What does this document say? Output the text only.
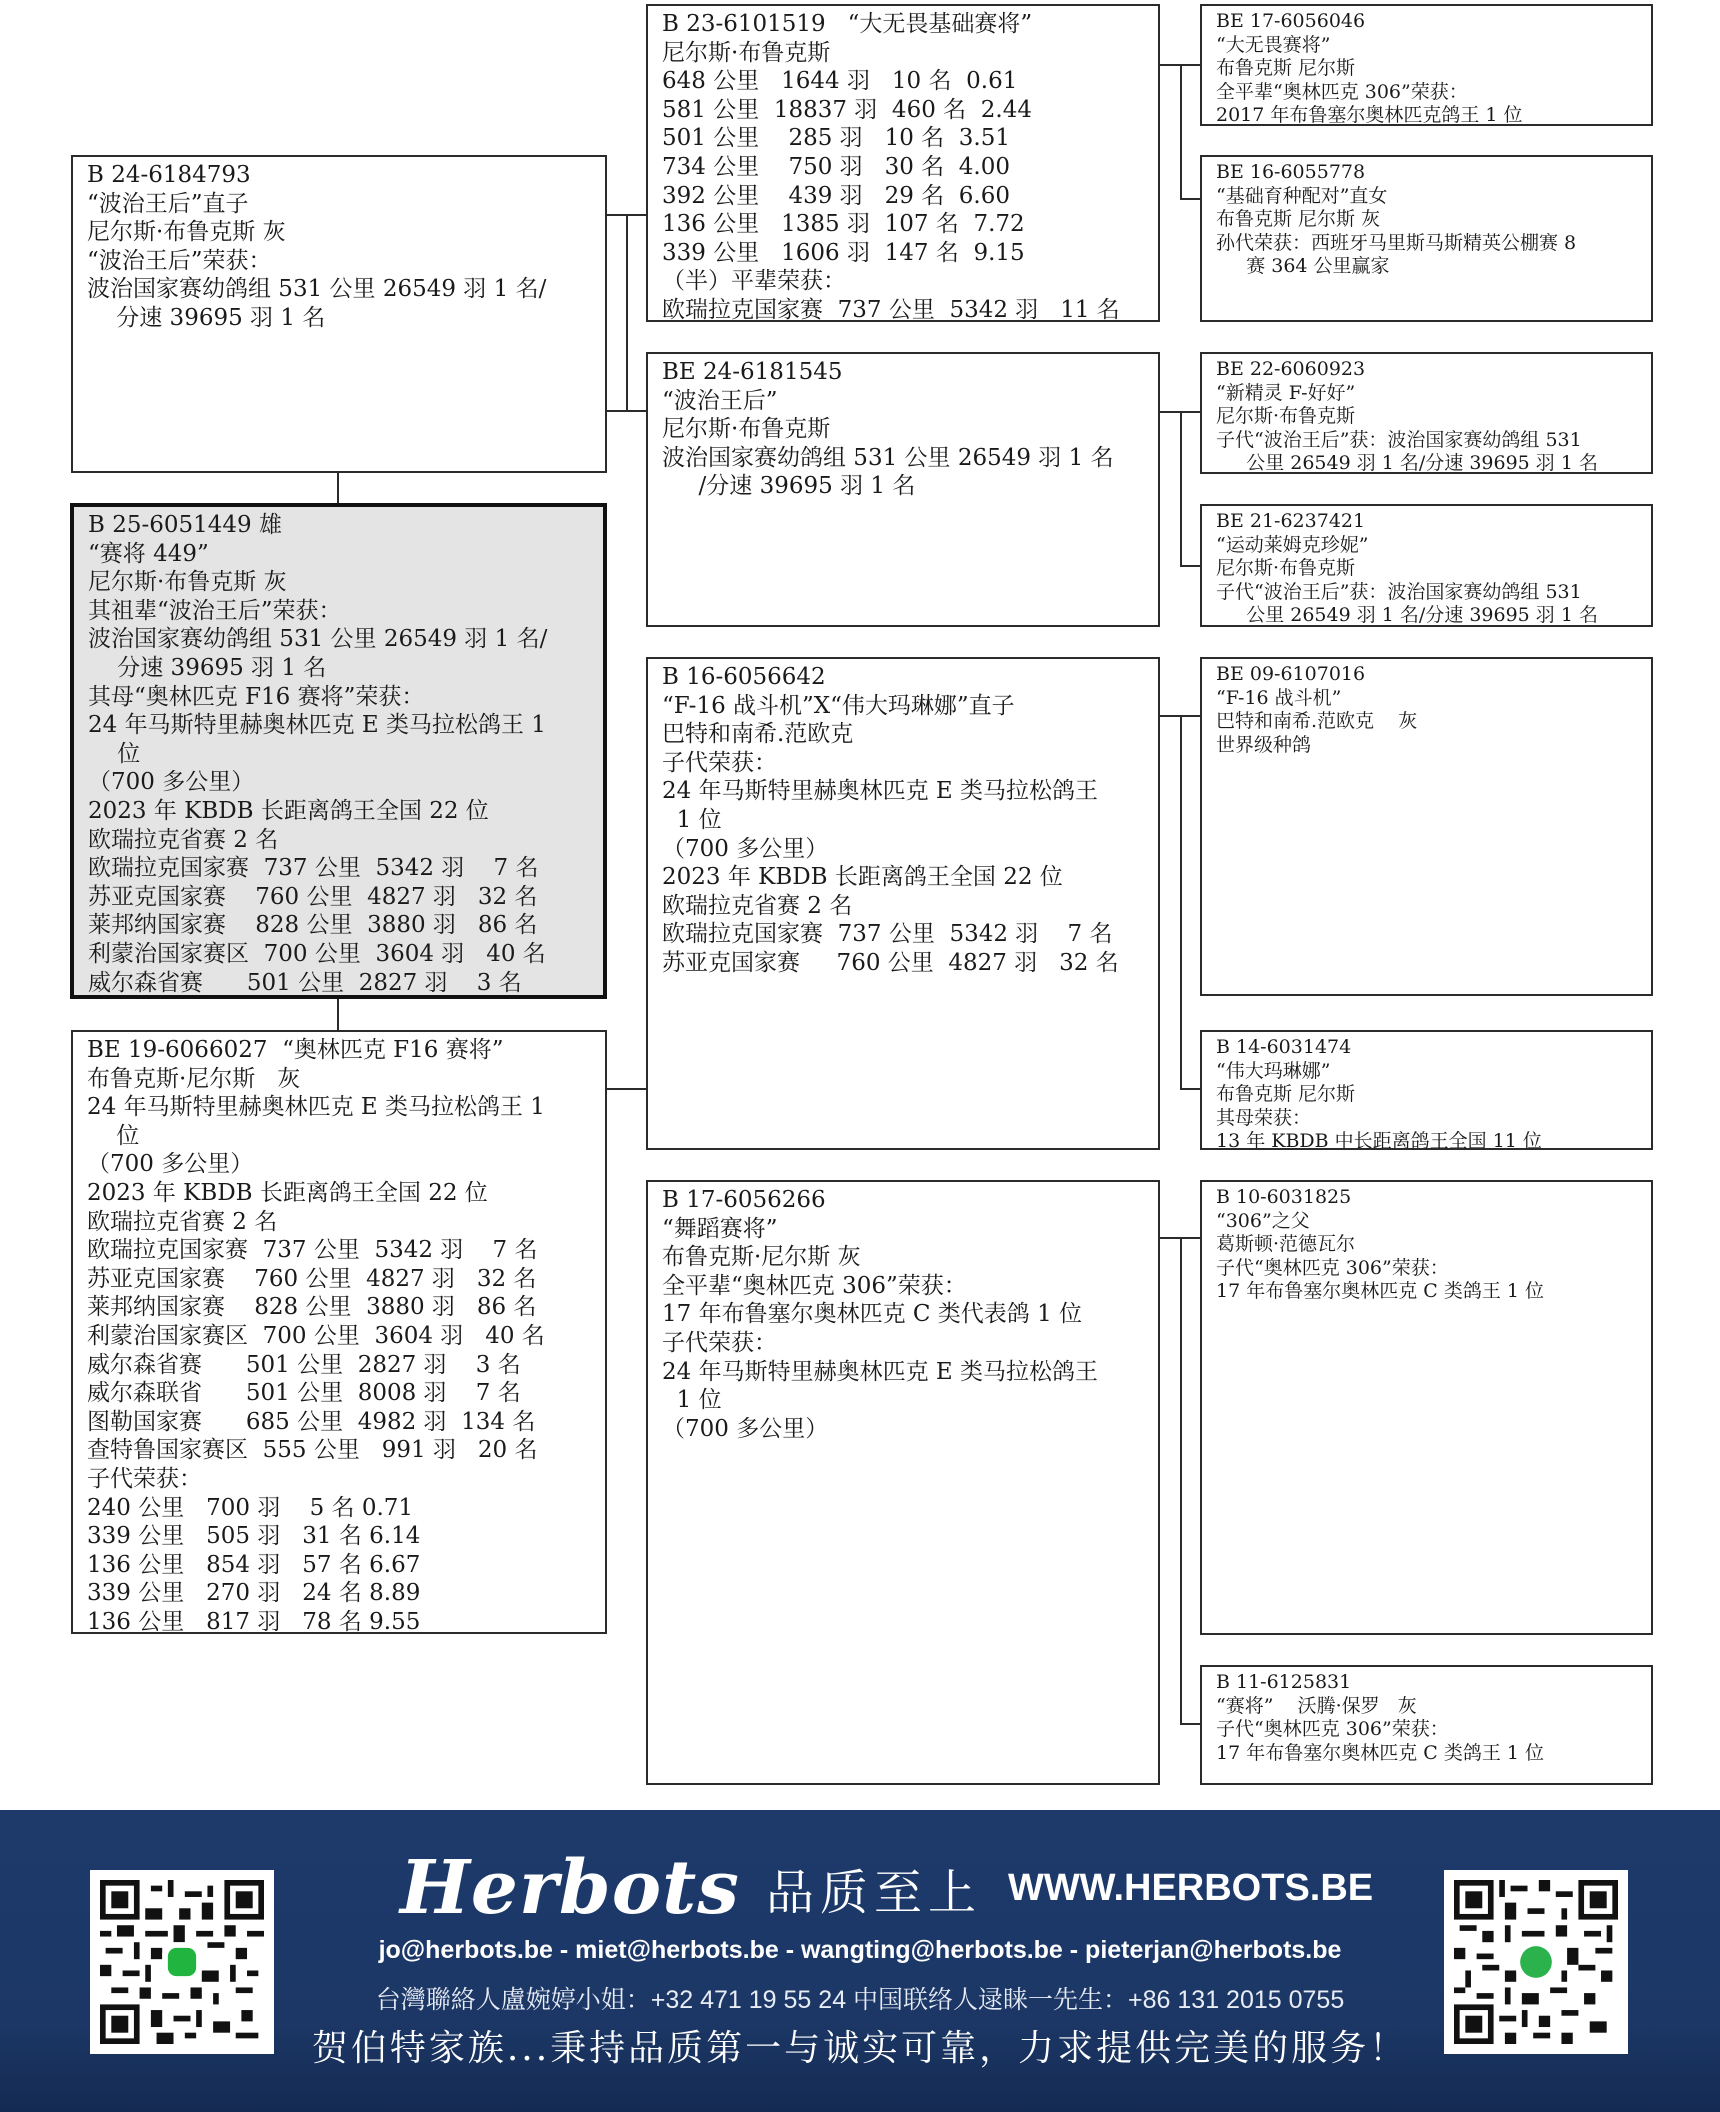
B 25-6051449 雄
“赛将 449”
尼尔斯·布鲁克斯 灰
其祖辈“波治王后”荣获：
波治国家赛幼鸽组 531 公里 26549 羽 1 名/
分速 39695 羽 1 名
其母“奥林匹克 F16 赛将”荣获：
24 年马斯特里赫奥林匹克 E 类马拉松鸽王 1
位
（700 多公里）
2023 年 KBDB 长距离鸽王全国 22 位
欧瑞拉克省赛 2 名
欧瑞拉克国家赛  737 公里  5342 羽    7 名
苏亚克国家赛    760 公里  4827 羽   32 名
莱邦纳国家赛    828 公里  3880 羽   86 名
利蒙治国家赛区  700 公里  3604 羽   40 名
威尔森省赛      501 公里  2827 羽    3 名
B 24-6184793
“波治王后”直子
尼尔斯·布鲁克斯 灰
“波治王后”荣获：
波治国家赛幼鸽组 531 公里 26549 羽 1 名/
分速 39695 羽 1 名
BE 19-6066027  “奥林匹克 F16 赛将”
布鲁克斯·尼尔斯   灰
24 年马斯特里赫奥林匹克 E 类马拉松鸽王 1
位
（700 多公里）
2023 年 KBDB 长距离鸽王全国 22 位
欧瑞拉克省赛 2 名
欧瑞拉克国家赛  737 公里  5342 羽    7 名
苏亚克国家赛    760 公里  4827 羽   32 名
莱邦纳国家赛    828 公里  3880 羽   86 名
利蒙治国家赛区  700 公里  3604 羽   40 名
威尔森省赛      501 公里  2827 羽    3 名
威尔森联省      501 公里  8008 羽    7 名
图勒国家赛      685 公里  4982 羽  134 名
查特鲁国家赛区  555 公里   991 羽   20 名
子代荣获：
240 公里   700 羽    5 名 0.71
339 公里   505 羽   31 名 6.14
136 公里   854 羽   57 名 6.67
339 公里   270 羽   24 名 8.89
136 公里   817 羽   78 名 9.55
B 23-6101519   “大无畏基础赛将”
尼尔斯·布鲁克斯
648 公里   1644 羽   10 名  0.61
581 公里  18837 羽  460 名  2.44
501 公里    285 羽   10 名  3.51
734 公里    750 羽   30 名  4.00
392 公里    439 羽   29 名  6.60
136 公里   1385 羽  107 名  7.72
339 公里   1606 羽  147 名  9.15
（半）平辈荣获：
欧瑞拉克国家赛  737 公里  5342 羽   11 名
BE 24-6181545
“波治王后”
尼尔斯·布鲁克斯
波治国家赛幼鸽组 531 公里 26549 羽 1 名
/分速 39695 羽 1 名
B 16-6056642
“F-16 战斗机”X“伟大玛琳娜”直子
巴特和南希.范欧克
子代荣获：
24 年马斯特里赫奥林匹克 E 类马拉松鸽王
1 位
（700 多公里）
2023 年 KBDB 长距离鸽王全国 22 位
欧瑞拉克省赛 2 名
欧瑞拉克国家赛  737 公里  5342 羽    7 名
苏亚克国家赛     760 公里  4827 羽   32 名
B 17-6056266
“舞蹈赛将”
布鲁克斯·尼尔斯 灰
全平辈“奥林匹克 306”荣获：
17 年布鲁塞尔奥林匹克 C 类代表鸽 1 位
子代荣获：
24 年马斯特里赫奥林匹克 E 类马拉松鸽王
1 位
（700 多公里）
BE 17-6056046
“大无畏赛将”
布鲁克斯 尼尔斯
全平辈“奥林匹克 306”荣获：
2017 年布鲁塞尔奥林匹克鸽王 1 位
BE 16-6055778
“基础育种配对”直女
布鲁克斯 尼尔斯 灰
孙代荣获：西班牙马里斯马斯精英公棚赛 8
赛 364 公里赢家
BE 22-6060923
“新精灵 F-好好”
尼尔斯·布鲁克斯
子代“波治王后”获：波治国家赛幼鸽组 531
公里 26549 羽 1 名/分速 39695 羽 1 名
BE 21-6237421
“运动莱姆克珍妮”
尼尔斯·布鲁克斯
子代“波治王后”获：波治国家赛幼鸽组 531
公里 26549 羽 1 名/分速 39695 羽 1 名
BE 09-6107016
“F-16 战斗机”
巴特和南希.范欧克    灰
世界级种鸽
B 14-6031474
“伟大玛琳娜”
布鲁克斯 尼尔斯
其母荣获：
13 年 KBDB 中长距离鸽王全国 11 位
B 10-6031825
“306”之父
葛斯顿·范德瓦尔
子代“奥林匹克 306”荣获：
17 年布鲁塞尔奥林匹克 C 类鸽王 1 位
B 11-6125831
“赛将”    沃腾·保罗   灰
子代“奥林匹克 306”荣获：
17 年布鲁塞尔奥林匹克 C 类鸽王 1 位
Herbots 品质至上 WWW.HERBOTS.BE
jo@herbots.be - miet@herbots.be - wangting@herbots.be - pieterjan@herbots.be
台灣聯絡人盧婉婷小姐：+32 471 19 55 24 中国联络人逯睐一先生：+86 131 2015 0755
贺伯特家族...秉持品质第一与诚实可靠，力求提供完美的服务！
